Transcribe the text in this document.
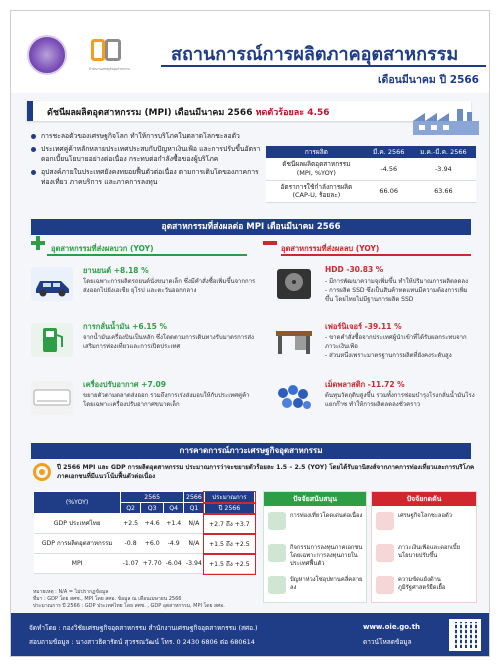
สำนักงานเศรษฐกิจอุตสาหกรรม
สถานการณ์การผลิตภาคอุตสาหกรรม
เดือนมีนาคม ปี 2566
ดัชนีผลผลิตอุตสาหกรรม (MPI) เดือนมีนาคม 2566 หดตัวร้อยละ 4.56
การชะลอตัวของเศรษฐกิจโลก ทำให้การบริโภคในตลาดโลกชะลอตัว
ประเทศคู่ค้าหลักหลายประเทศประสบกับปัญหาเงินเฟ้อ และการปรับขึ้นอัตราดอกเบี้ยนโยบายอย่างต่อเนื่อง กระทบต่อกำลังซื้อของผู้บริโภค
อุปสงค์ภายในประเทศยังคงทยอยฟื้นตัวต่อเนื่อง ตามการเติบโตของภาคการท่องเที่ยว ภาคบริการ และภาคการลงทุน
การผลิต	มี.ค. 2566	ม.ค.-มี.ค. 2566
ดัชนีผลผลิตอุตสาหกรรม
(MPI, %YOY)	-4.56	-3.94
อัตราการใช้กำลังการผลิต
(CAP-U, ร้อยละ)	66.06	63.66
อุตสาหกรรมที่ส่งผลต่อ MPI เดือนมีนาคม 2566
อุตสาหกรรมที่ส่งผลบวก (YOY)	อุตสาหกรรมที่ส่งผลลบ (YOY)
ยานยนต์ +8.18 %
โดยเฉพาะการผลิตรถยนต์นั่งขนาดเล็ก ซึ่งมีคำสั่งซื้อเพิ่มขึ้นจากการส่งออกไปยังเอเชีย ยุโรป และตะวันออกกลาง
การกลั่นน้ำมัน +6.15 %
จากน้ำมันเครื่องบินเป็นหลัก ซึ่งโดดตามการเดินทางรับมาตรการส่งเสริมการท่องเที่ยวและการเปิดประเทศ
เครื่องปรับอากาศ +7.09
ขยายตัวตามตลาดส่งออก รวมถึงการเร่งส่งมอบให้กับประเทศคู่ค้า โดยเฉพาะเครื่องปรับอากาศขนาดเล็ก
HDD -30.83 %
- มีการพัฒนาความจุเพิ่มขึ้น ทำให้ปริมาณการผลิตลดลง
- การผลิต SSD ซึ่งเป็นสินค้าทดแทนมีความต้องการเพิ่มขึ้น โดยไทยไม่มีฐานการผลิต SSD
เฟอร์นิเจอร์ -39.11 %
- ขาดคำสั่งซื้อจากประเทศผู้นำเข้าที่ได้รับผลกระทบจากภาวะเงินเฟ้อ
- ส่วนหนึ่งเพราะมาตรฐานการผลิตที่ยังคงระดับสูง
เม็ดพลาสติก -11.72 %
ต้นทุนวัตถุดิบสูงขึ้น รวมทั้งการซ่อมบำรุงโรงกลั่นน้ำมันโรงแยกก๊าซ ทำให้การผลิตลดลงชั่วคราว
การคาดการณ์ภาวะเศรษฐกิจอุตสาหกรรม
ปี 2566 MPI และ GDP การผลิตอุตสาหกรรม ประมาณการว่าจะขยายตัวร้อยละ 1.5 – 2.5 (YOY) โดยได้รับอานิสงส์จากภาคการท่องเที่ยวและการบริโภคภาคเอกชนที่มีแนวโน้มฟื้นตัวต่อเนื่อง
(%YOY)	2565			2566	ประมาณการ
	Q2	Q3	Q4	Q1	ปี 2566
GDP ประเทศไทย	+2.5	+4.6	+1.4	N/A	+2.7 ถึง +3.7
GDP การผลิตอุตสาหกรรม	-0.8	+6.0	-4.9	N/A	+1.5 ถึง +2.5
MPI	-1.07	+7.70	-6.04	-3.94	+1.5 ถึง +2.5
หมายเหตุ : N/A = ไม่ปรากฏข้อมูล
ที่มา : GDP โดย สศช., MPI โดย สศอ. ข้อมูล ณ เดือนเมษายน 2566
ประมาณการ ปี 2566 : GDP ประเทศไทย โดย สศช. , GDP อุตสาหกรรม, MPI โดย สศอ.
ปัจจัยสนับสนุน
การท่องเที่ยวโดดเด่นต่อเนื่อง
กิจกรรมการลงทุนภาคเอกชน โดยเฉพาะการลงทุนภายในประเทศฟื้นตัว
ปัญหาห่วงโซ่อุปทานคลี่คลายลง
ปัจจัยกดดัน
เศรษฐกิจโลกชะลอตัว
ภาวะเงินเฟ้อและดอกเบี้ยนโยบายปรับขึ้น
ความขัดแย้งด้านภูมิรัฐศาสตร์ยืดเยื้อ
จัดทำโดย : กองวิชัยเศรษฐกิจอุตสาหกรรม สำนักงานเศรษฐกิจอุตสาหกรรม (สศอ.)
สอบถามข้อมูล : นางสาวธิดารัตน์ สุวรรณวัฒน์ โทร. 0 2430 6806 ต่อ 680614
www.oie.go.th
ดาวน์โหลดข้อมูล
